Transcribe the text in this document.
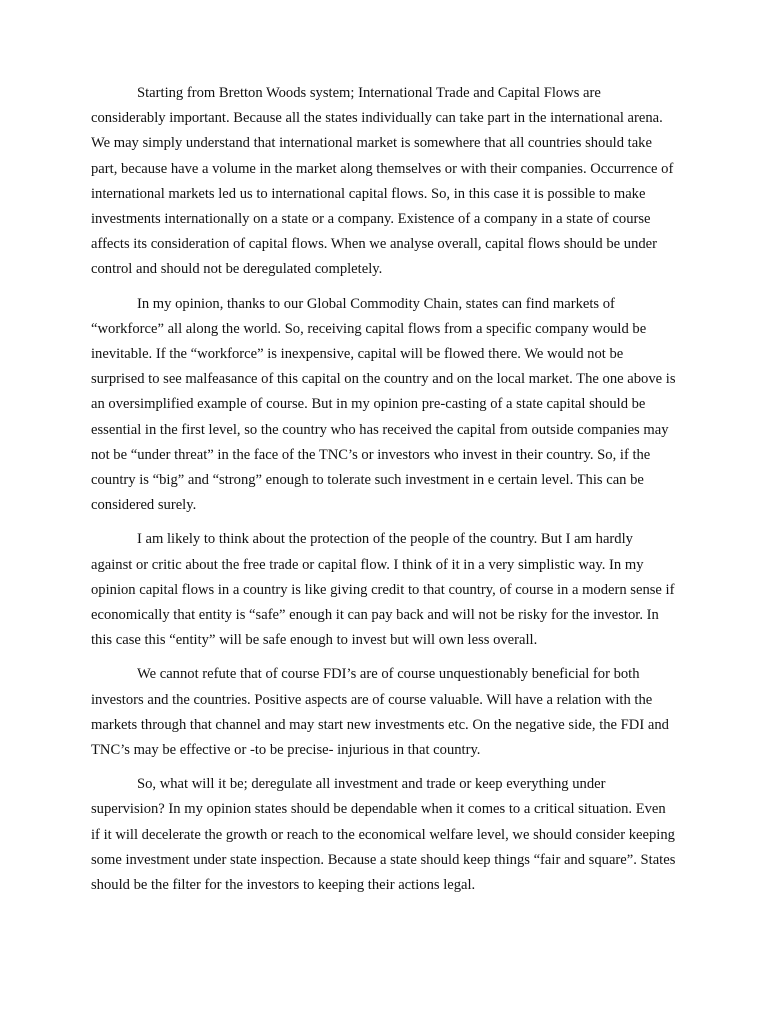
Starting from Bretton Woods system; International Trade and Capital Flows are considerably important. Because all the states individually can take part in the international arena. We may simply understand that international market is somewhere that all countries should take part, because have a volume in the market along themselves or with their companies. Occurrence of international markets led us to international capital flows. So, in this case it is possible to make investments internationally on a state or a company. Existence of a company in a state of course affects its consideration of capital flows. When we analyse overall, capital flows should be under control and should not be deregulated completely.

In my opinion, thanks to our Global Commodity Chain, states can find markets of “workforce” all along the world. So, receiving capital flows from a specific company would be inevitable. If the “workforce” is inexpensive, capital will be flowed there. We would not be surprised to see malfeasance of this capital on the country and on the local market. The one above is an oversimplified example of course. But in my opinion pre-casting of a state capital should be essential in the first level, so the country who has received the capital from outside companies may not be “under threat” in the face of the TNC’s or investors who invest in their country. So, if the country is “big” and “strong” enough to tolerate such investment in e certain level. This can be considered surely.

I am likely to think about the protection of the people of the country. But I am hardly against or critic about the free trade or capital flow. I think of it in a very simplistic way. In my opinion capital flows in a country is like giving credit to that country, of course in a modern sense if economically that entity is “safe” enough it can pay back and will not be risky for the investor. In this case this “entity” will be safe enough to invest but will own less overall.

We cannot refute that of course FDI’s are of course unquestionably beneficial for both investors and the countries. Positive aspects are of course valuable. Will have a relation with the markets through that channel and may start new investments etc. On the negative side, the FDI and TNC’s may be effective or -to be precise- injurious in that country.

So, what will it be; deregulate all investment and trade or keep everything under supervision? In my opinion states should be dependable when it comes to a critical situation. Even if it will decelerate the growth or reach to the economical welfare level, we should consider keeping some investment under state inspection. Because a state should keep things “fair and square”. States should be the filter for the investors to keeping their actions legal.
